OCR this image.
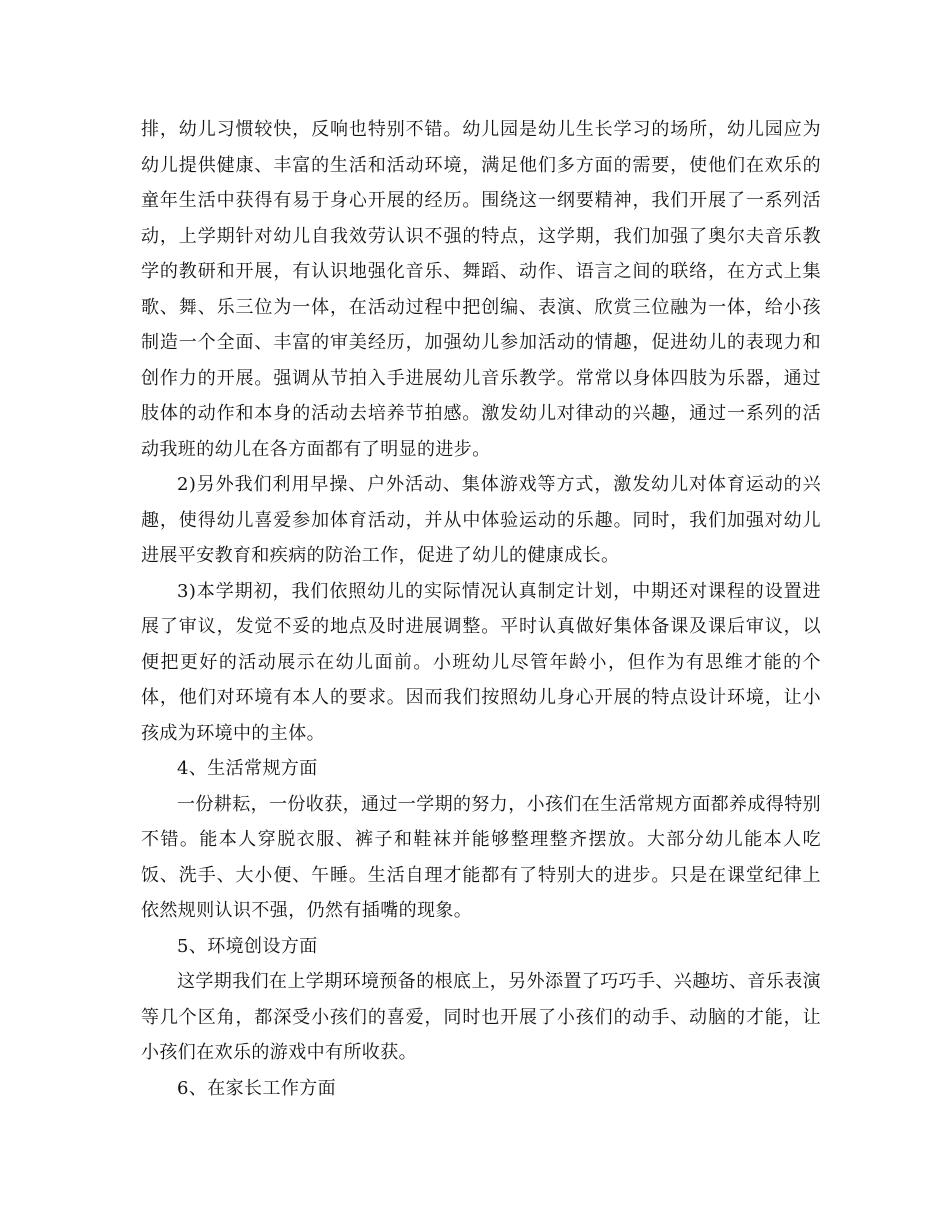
排，幼儿习惯较快，反响也特别不错。幼儿园是幼儿生长学习的场所，幼儿园应为幼儿提供健康、丰富的生活和活动环境，满足他们多方面的需要，使他们在欢乐的童年生活中获得有易于身心开展的经历。围绕这一纲要精神，我们开展了一系列活动，上学期针对幼儿自我效劳认识不强的特点，这学期，我们加强了奥尔夫音乐教学的教研和开展，有认识地强化音乐、舞蹈、动作、语言之间的联络，在方式上集歌、舞、乐三位为一体，在活动过程中把创编、表演、欣赏三位融为一体，给小孩制造一个全面、丰富的审美经历，加强幼儿参加活动的情趣，促进幼儿的表现力和创作力的开展。强调从节拍入手进展幼儿音乐教学。常常以身体四肢为乐器，通过肢体的动作和本身的活动去培养节拍感。激发幼儿对律动的兴趣，通过一系列的活动我班的幼儿在各方面都有了明显的进步。

2)另外我们利用早操、户外活动、集体游戏等方式，激发幼儿对体育运动的兴趣，使得幼儿喜爱参加体育活动，并从中体验运动的乐趣。同时，我们加强对幼儿进展平安教育和疾病的防治工作，促进了幼儿的健康成长。

3)本学期初，我们依照幼儿的实际情况认真制定计划，中期还对课程的设置进展了审议，发觉不妥的地点及时进展调整。平时认真做好集体备课及课后审议，以便把更好的活动展示在幼儿面前。小班幼儿尽管年龄小，但作为有思维才能的个体，他们对环境有本人的要求。因而我们按照幼儿身心开展的特点设计环境，让小孩成为环境中的主体。

4、生活常规方面

一份耕耘，一份收获，通过一学期的努力，小孩们在生活常规方面都养成得特别不错。能本人穿脱衣服、裤子和鞋袜并能够整理整齐摆放。大部分幼儿能本人吃饭、洗手、大小便、午睡。生活自理才能都有了特别大的进步。只是在课堂纪律上依然规则认识不强，仍然有插嘴的现象。

5、环境创设方面

这学期我们在上学期环境预备的根底上，另外添置了巧巧手、兴趣坊、音乐表演等几个区角，都深受小孩们的喜爱，同时也开展了小孩们的动手、动脑的才能，让小孩们在欢乐的游戏中有所收获。

6、在家长工作方面
